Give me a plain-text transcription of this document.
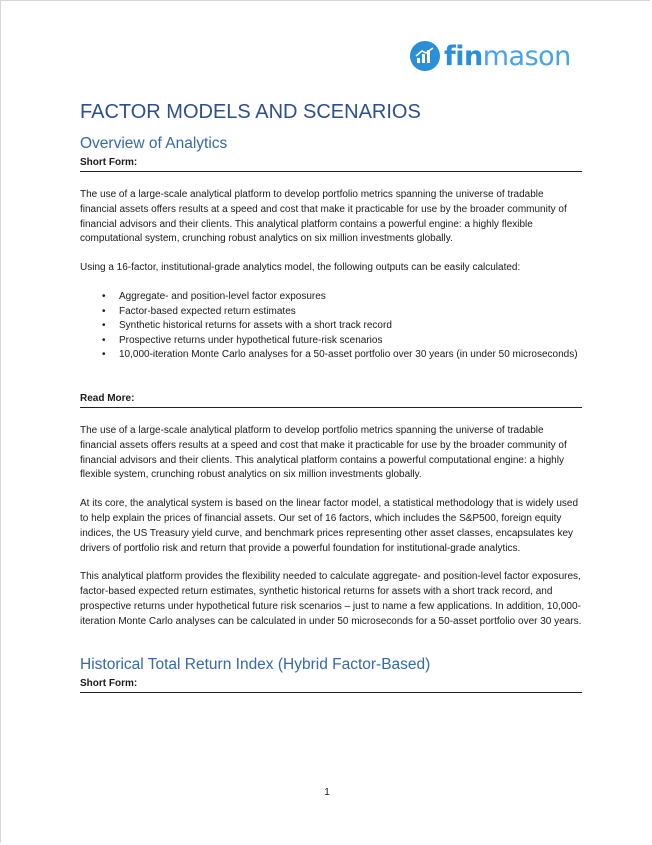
finmason
FACTOR MODELS AND SCENARIOS
Overview of Analytics
Short Form:

The use of a large-scale analytical platform to develop portfolio metrics spanning the universe of tradable financial assets offers results at a speed and cost that make it practicable for use by the broader community of financial advisors and their clients. This analytical platform contains a powerful engine: a highly flexible computational system, crunching robust analytics on six million investments globally.

Using a 16-factor, institutional-grade analytics model, the following outputs can be easily calculated:

• Aggregate- and position-level factor exposures
• Factor-based expected return estimates
• Synthetic historical returns for assets with a short track record
• Prospective returns under hypothetical future-risk scenarios
• 10,000-iteration Monte Carlo analyses for a 50-asset portfolio over 30 years (in under 50 microseconds)
Read More:

The use of a large-scale analytical platform to develop portfolio metrics spanning the universe of tradable financial assets offers results at a speed and cost that make it practicable for use by the broader community of financial advisors and their clients. This analytical platform contains a powerful computational engine: a highly flexible system, crunching robust analytics on six million investments globally.

At its core, the analytical system is based on the linear factor model, a statistical methodology that is widely used to help explain the prices of financial assets. Our set of 16 factors, which includes the S&P500, foreign equity indices, the US Treasury yield curve, and benchmark prices representing other asset classes, encapsulates key drivers of portfolio risk and return that provide a powerful foundation for institutional-grade analytics.

This analytical platform provides the flexibility needed to calculate aggregate- and position-level factor exposures, factor-based expected return estimates, synthetic historical returns for assets with a short track record, and prospective returns under hypothetical future risk scenarios – just to name a few applications. In addition, 10,000-iteration Monte Carlo analyses can be calculated in under 50 microseconds for a 50-asset portfolio over 30 years.

Historical Total Return Index (Hybrid Factor-Based)
Short Form:
1
